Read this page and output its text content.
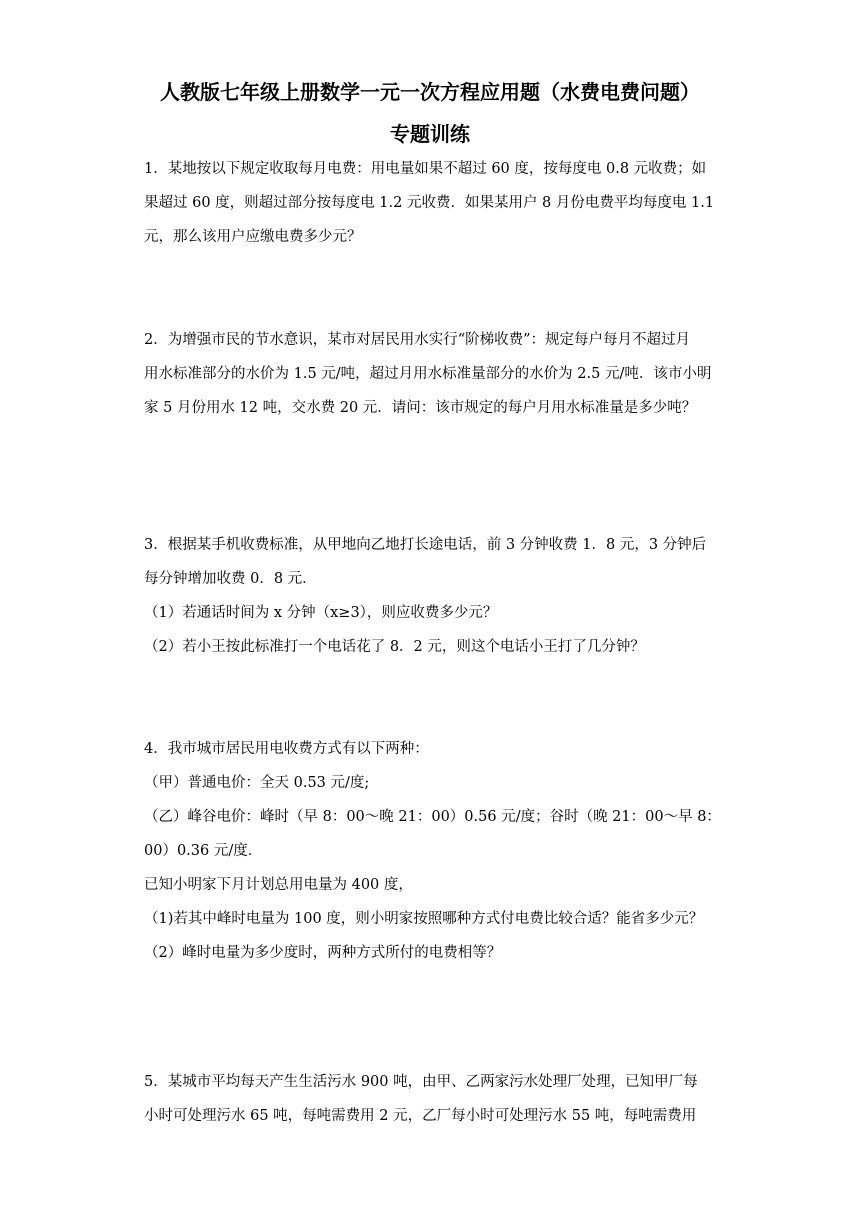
人教版七年级上册数学一元一次方程应用题（水费电费问题）
专题训练
1．某地按以下规定收取每月电费：用电量如果不超过 60 度，按每度电 0.8 元收费；如
果超过 60 度，则超过部分按每度电 1.2 元收费．如果某用户 8 月份电费平均每度电 1.1
元，那么该用户应缴电费多少元？
2．为增强市民的节水意识，某市对居民用水实行“阶梯收费”：规定每户每月不超过月
用水标准部分的水价为 1.5 元/吨，超过月用水标准量部分的水价为 2.5 元/吨．该市小明
家 5 月份用水 12 吨，交水费 20 元．请问：该市规定的每户月用水标准量是多少吨？
3．根据某手机收费标准，从甲地向乙地打长途电话，前 3 分钟收费 1．8 元，3 分钟后
每分钟增加收费 0．8 元．
（1）若通话时间为 x 分钟（x≥3），则应收费多少元？
（2）若小王按此标准打一个电话花了 8．2 元，则这个电话小王打了几分钟？
4．我市城市居民用电收费方式有以下两种：
（甲）普通电价：全天 0.53 元/度;
（乙）峰谷电价：峰时（早 8：00～晚 21：00）0.56 元/度；谷时（晚 21：00～早 8：
00）0.36 元/度．
已知小明家下月计划总用电量为 400 度，
（1)若其中峰时电量为 100 度，则小明家按照哪种方式付电费比较合适？能省多少元？
（2）峰时电量为多少度时，两种方式所付的电费相等？
5．某城市平均每天产生生活污水 900 吨，由甲、乙两家污水处理厂处理，已知甲厂每
小时可处理污水 65 吨，每吨需费用 2 元，乙厂每小时可处理污水 55 吨，每吨需费用
